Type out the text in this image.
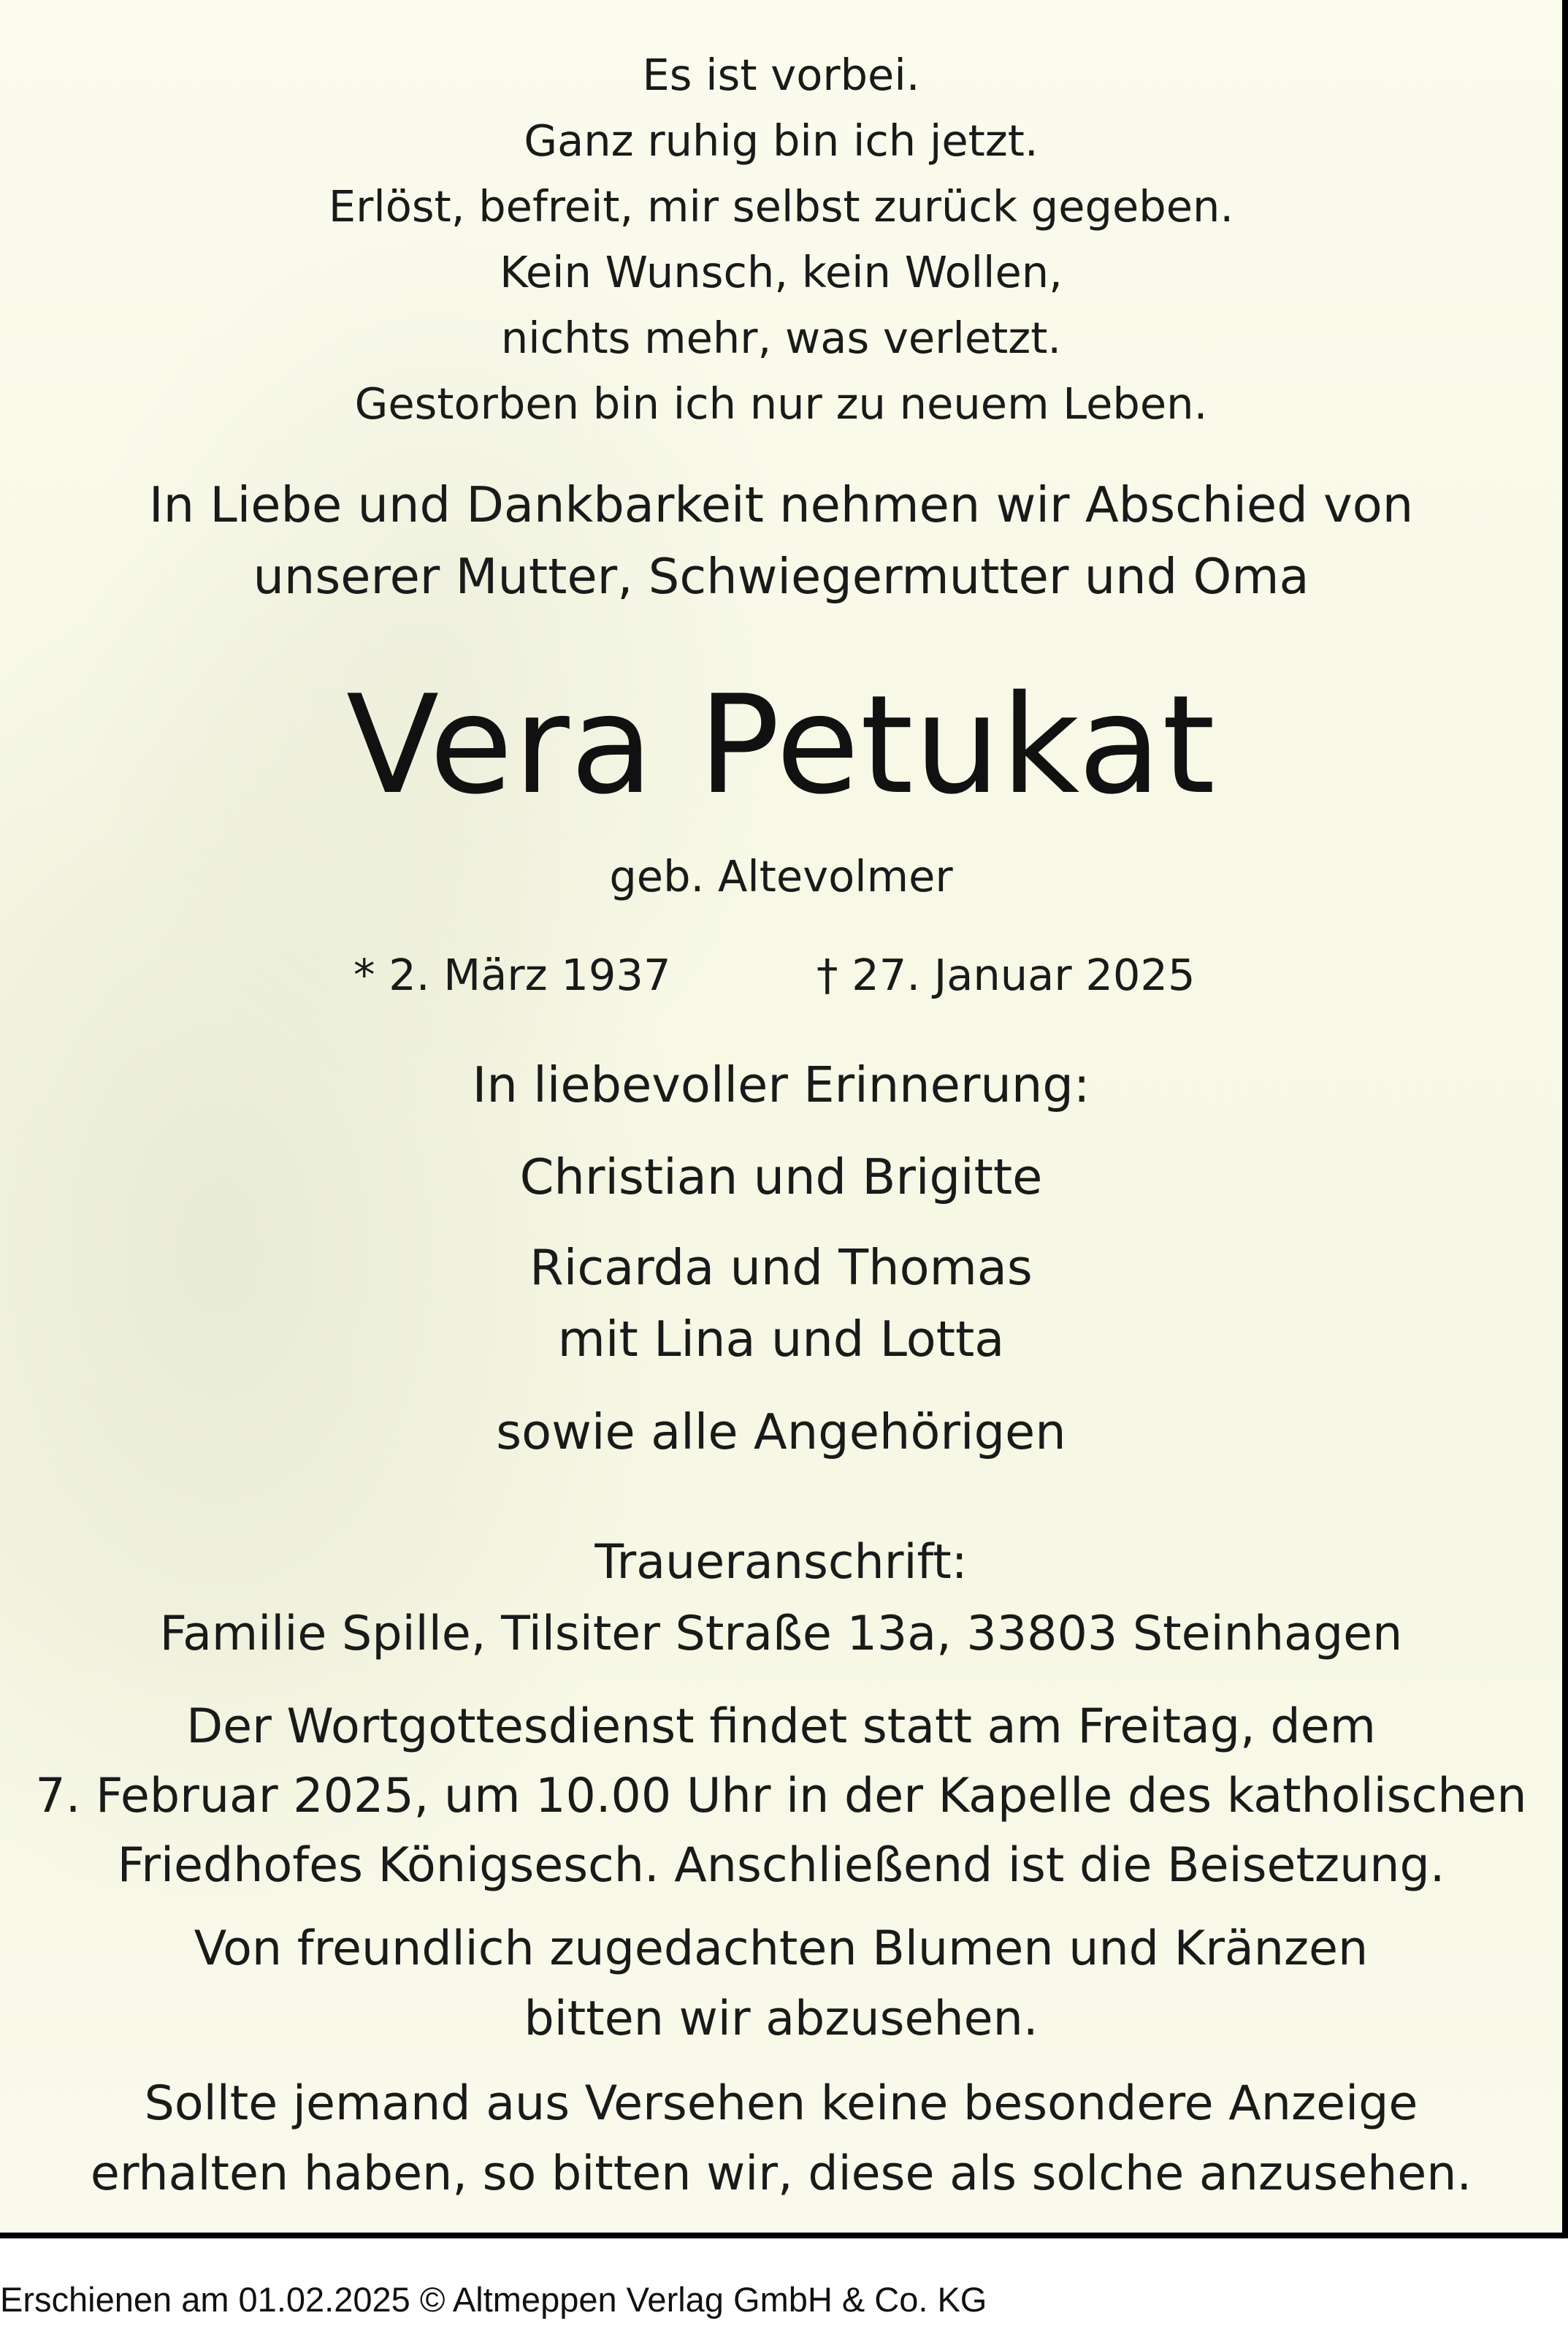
Es ist vorbei.
Ganz ruhig bin ich jetzt.
Erlöst, befreit, mir selbst zurück gegeben.
Kein Wunsch, kein Wollen,
nichts mehr, was verletzt.
Gestorben bin ich nur zu neuem Leben.
In Liebe und Dankbarkeit nehmen wir Abschied von
unserer Mutter, Schwiegermutter und Oma
Vera Petukat
geb. Altevolmer
* 2. März 1937	† 27. Januar 2025
In liebevoller Erinnerung:
Christian und Brigitte
Ricarda und Thomas
mit Lina und Lotta
sowie alle Angehörigen
Traueranschrift:
Familie Spille, Tilsiter Straße 13a, 33803 Steinhagen
Der Wortgottesdienst findet statt am Freitag, dem
7. Februar 2025, um 10.00 Uhr in der Kapelle des katholischen
Friedhofes Königsesch. Anschließend ist die Beisetzung.
Von freundlich zugedachten Blumen und Kränzen
bitten wir abzusehen.
Sollte jemand aus Versehen keine besondere Anzeige
erhalten haben, so bitten wir, diese als solche anzusehen.
Erschienen am 01.02.2025 © Altmeppen Verlag GmbH & Co. KG
